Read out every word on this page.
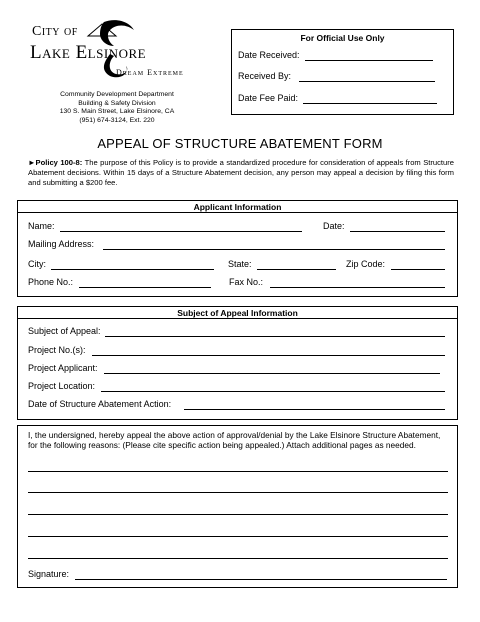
City of
Lake Elsinore
Dream Extreme
Community Development Department
Building & Safety Division
130 S. Main Street, Lake Elsinore, CA
(951) 674-3124, Ext. 220
For Official Use Only
Date Received:
Received By:
Date Fee Paid:
APPEAL OF STRUCTURE ABATEMENT FORM
►Policy 100-8: The purpose of this Policy is to provide a standardized procedure for consideration of appeals from Structure Abatement decisions. Within 15 days of a Structure Abatement decision, any person may appeal a decision by filing this form and submitting a $200 fee.
Applicant Information
Name:	Date:
Mailing Address:
City:	State:	Zip Code:
Phone No.:	Fax No.:
Subject of Appeal Information
Subject of Appeal:
Project No.(s):
Project Applicant:
Project Location:
Date of Structure Abatement Action:
I, the undersigned, hereby appeal the above action of approval/denial by the Lake Elsinore Structure Abatement, for the following reasons: (Please cite specific action being appealed.) Attach additional pages as needed.
Signature:
